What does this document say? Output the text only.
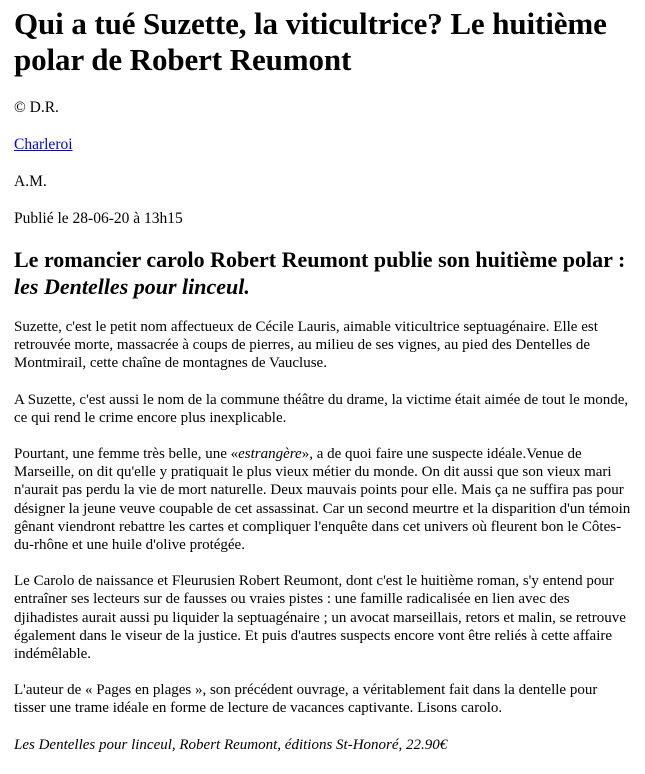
Qui a tué Suzette, la viticultrice? Le huitième polar de Robert Reumont
© D.R.
Charleroi
A.M.
Publié le 28-06-20 à 13h15
Le romancier carolo Robert Reumont publie son huitième polar : les Dentelles pour linceul.

Suzette, c'est le petit nom affectueux de Cécile Lauris, aimable viticultrice septuagénaire. Elle est retrouvée morte, massacrée à coups de pierres, au milieu de ses vignes, au pied des Dentelles de Montmirail, cette chaîne de montagnes de Vaucluse.

A Suzette, c'est aussi le nom de la commune théâtre du drame, la victime était aimée de tout le monde, ce qui rend le crime encore plus inexplicable.

Pourtant, une femme très belle, une «estrangère», a de quoi faire une suspecte idéale.Venue de Marseille, on dit qu'elle y pratiquait le plus vieux métier du monde. On dit aussi que son vieux mari n'aurait pas perdu la vie de mort naturelle. Deux mauvais points pour elle. Mais ça ne suffira pas pour désigner la jeune veuve coupable de cet assassinat. Car un second meurtre et la disparition d'un témoin gênant viendront rebattre les cartes et compliquer l'enquête dans cet univers où fleurent bon le Côtes-du-rhône et une huile d'olive protégée.

Le Carolo de naissance et Fleurusien Robert Reumont, dont c'est le huitième roman, s'y entend pour entraîner ses lecteurs sur de fausses ou vraies pistes : une famille radicalisée en lien avec des djihadistes aurait aussi pu liquider la septuagénaire ; un avocat marseillais, retors et malin, se retrouve également dans le viseur de la justice. Et puis d'autres suspects encore vont être reliés à cette affaire indémêlable.

L'auteur de « Pages en plages », son précédent ouvrage, a véritablement fait dans la dentelle pour tisser une trame idéale en forme de lecture de vacances captivante. Lisons carolo.

Les Dentelles pour linceul, Robert Reumont, éditions St-Honoré, 22.90€
